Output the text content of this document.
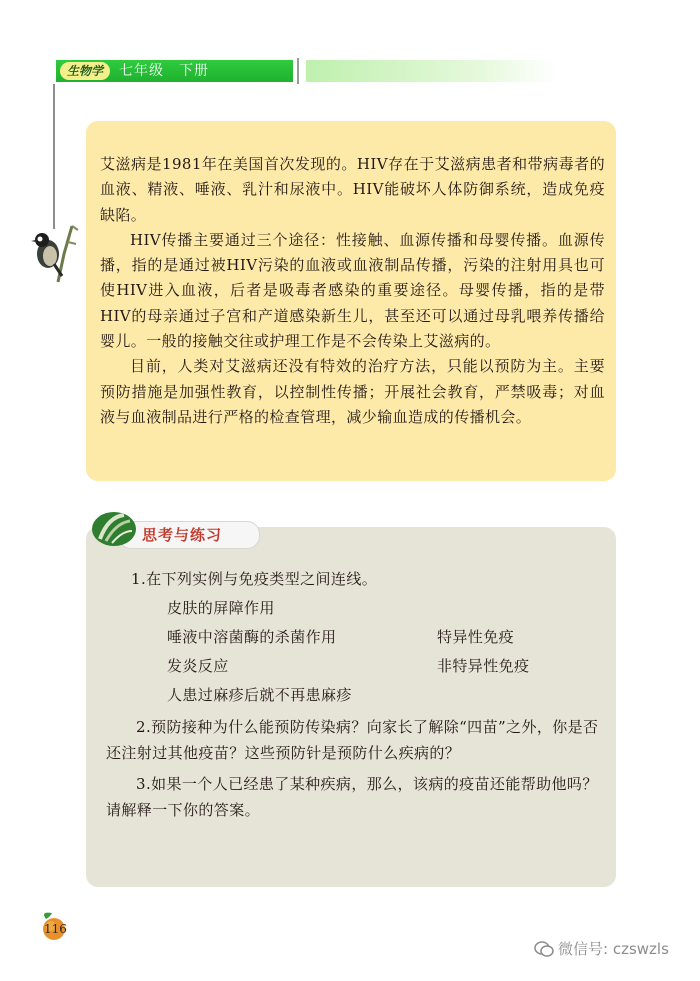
生物学	七年级　下册

艾滋病是1981年在美国首次发现的。HIV存在于艾滋病患者和带病毒者的血液、精液、唾液、乳汁和尿液中。HIV能破坏人体防御系统，造成免疫缺陷。

HIV传播主要通过三个途径：性接触、血源传播和母婴传播。血源传播，指的是通过被HIV污染的血液或血液制品传播，污染的注射用具也可使HIV进入血液，后者是吸毒者感染的重要途径。母婴传播，指的是带HIV的母亲通过子宫和产道感染新生儿，甚至还可以通过母乳喂养传播给婴儿。一般的接触交往或护理工作是不会传染上艾滋病的。

目前，人类对艾滋病还没有特效的治疗方法，只能以预防为主。主要预防措施是加强性教育，以控制性传播；开展社会教育，严禁吸毒；对血液与血液制品进行严格的检查管理，减少输血造成的传播机会。

思考与练习

1.在下列实例与免疫类型之间连线。

皮肤的屏障作用
唾液中溶菌酶的杀菌作用
发炎反应
人患过麻疹后就不再患麻疹
特异性免疫
非特异性免疫

2.预防接种为什么能预防传染病？向家长了解除“四苗”之外，你是否还注射过其他疫苗？这些预防针是预防什么疾病的？

3.如果一个人已经患了某种疾病，那么，该病的疫苗还能帮助他吗？请解释一下你的答案。

116
微信号: czswzls
